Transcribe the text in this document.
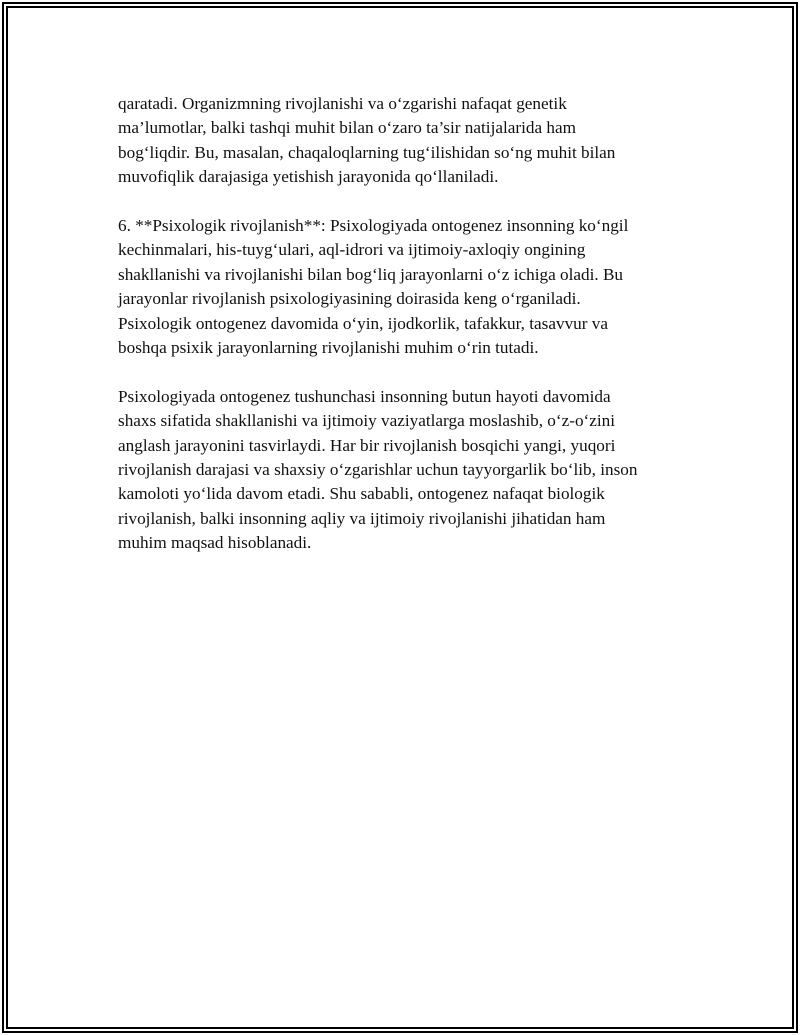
qaratadi. Organizmning rivojlanishi va o‘zgarishi nafaqat genetik
ma’lumotlar, balki tashqi muhit bilan o‘zaro ta’sir natijalarida ham
bog‘liqdir. Bu, masalan, chaqaloqlarning tug‘ilishidan so‘ng muhit bilan
muvofiqlik darajasiga yetishish jarayonida qo‘llaniladi.

6. **Psixologik rivojlanish**: Psixologiyada ontogenez insonning ko‘ngil
kechinmalari, his-tuyg‘ulari, aql-idrori va ijtimoiy-axloqiy ongining
shakllanishi va rivojlanishi bilan bog‘liq jarayonlarni o‘z ichiga oladi. Bu
jarayonlar rivojlanish psixologiyasining doirasida keng o‘rganiladi.
Psixologik ontogenez davomida o‘yin, ijodkorlik, tafakkur, tasavvur va
boshqa psixik jarayonlarning rivojlanishi muhim o‘rin tutadi.

Psixologiyada ontogenez tushunchasi insonning butun hayoti davomida
shaxs sifatida shakllanishi va ijtimoiy vaziyatlarga moslashib, o‘z-o‘zini
anglash jarayonini tasvirlaydi. Har bir rivojlanish bosqichi yangi, yuqori
rivojlanish darajasi va shaxsiy o‘zgarishlar uchun tayyorgarlik bo‘lib, inson
kamoloti yo‘lida davom etadi. Shu sababli, ontogenez nafaqat biologik
rivojlanish, balki insonning aqliy va ijtimoiy rivojlanishi jihatidan ham
muhim maqsad hisoblanadi.
